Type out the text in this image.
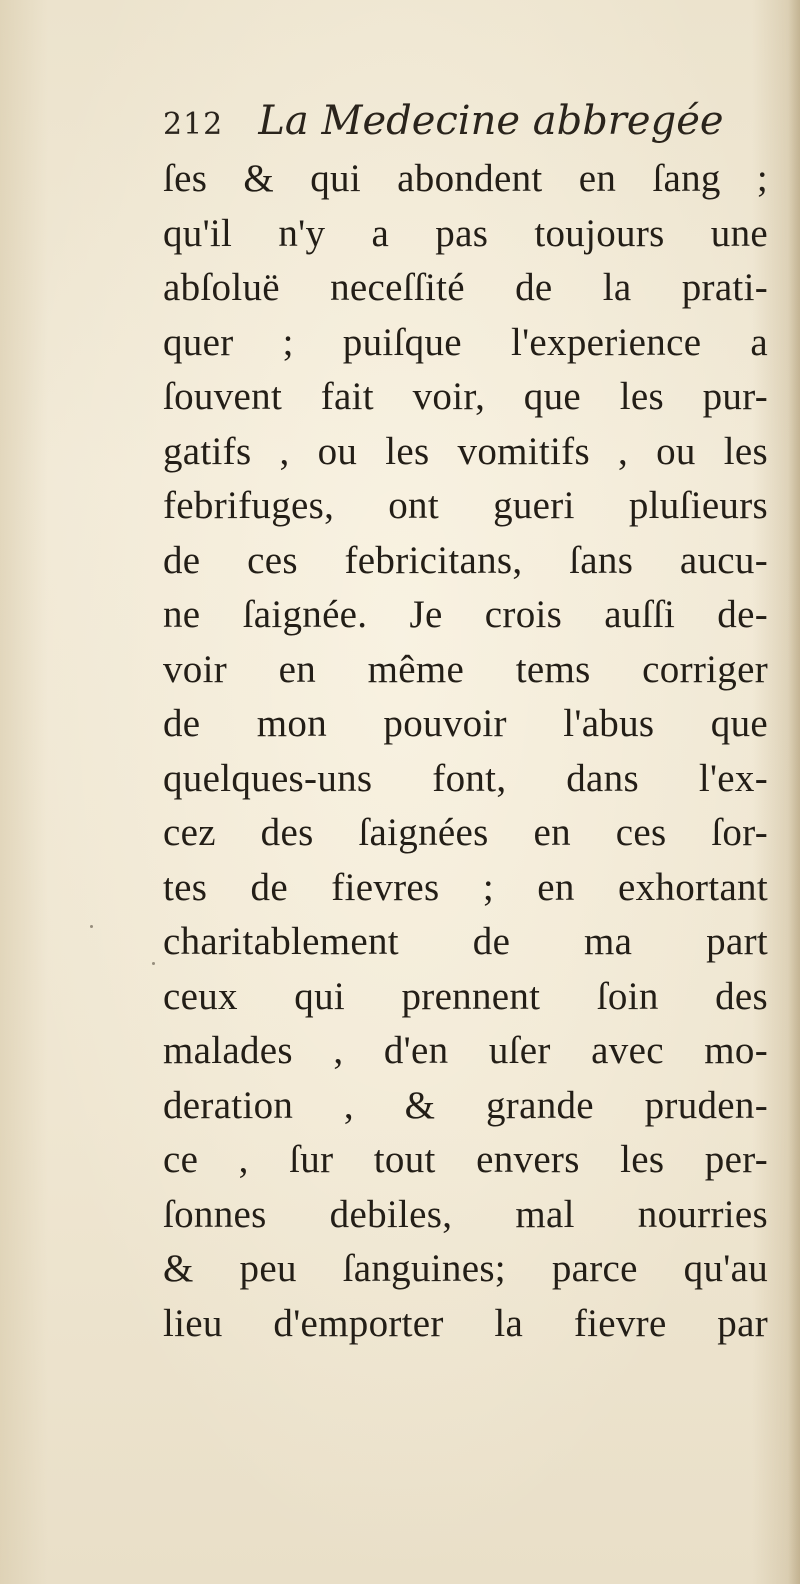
212 La Medecine abbregée
ſes & qui abondent en ſang ;
qu'il n'y a pas toujours une
abſoluë neceſſité de la prati-
quer ; puiſque l'experience a
ſouvent fait voir, que les pur-
gatifs , ou les vomitifs , ou les
febrifuges, ont gueri pluſieurs
de ces febricitans, ſans aucu-
ne ſaignée. Je crois auſſi de-
voir en même tems corriger
de mon pouvoir l'abus que
quelques-uns font, dans l'ex-
cez des ſaignées en ces ſor-
tes de fievres ; en exhortant
charitablement de ma part
ceux qui prennent ſoin des
malades , d'en uſer avec mo-
deration , & grande pruden-
ce , ſur tout envers les per-
ſonnes debiles, mal nourries
& peu ſanguines; parce qu'au
lieu d'emporter la fievre par
